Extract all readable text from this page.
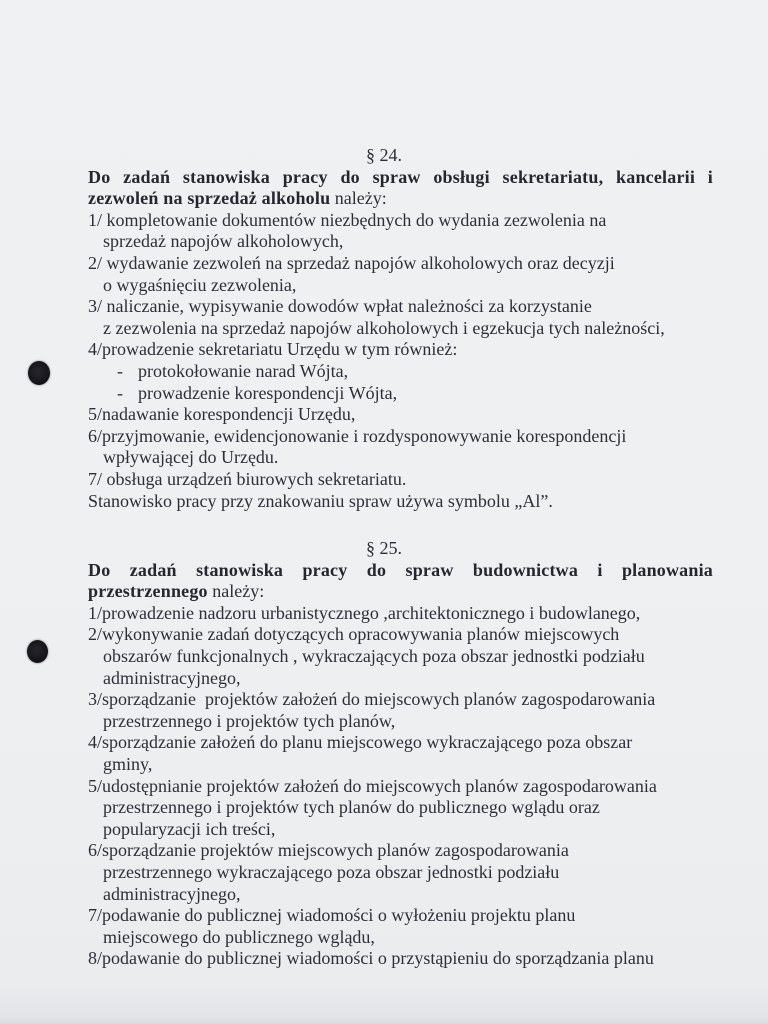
§ 24.
Do zadań stanowiska pracy do spraw obsługi sekretariatu, kancelarii i
zezwoleń na sprzedaż alkoholu należy:
1/ kompletowanie dokumentów niezbędnych do wydania zezwolenia na
sprzedaż napojów alkoholowych,
2/ wydawanie zezwoleń na sprzedaż napojów alkoholowych oraz decyzji
o wygaśnięciu zezwolenia,
3/ naliczanie, wypisywanie dowodów wpłat należności za korzystanie
z zezwolenia na sprzedaż napojów alkoholowych i egzekucja tych należności,
4/prowadzenie sekretariatu Urzędu w tym również:
- protokołowanie narad Wójta,
- prowadzenie korespondencji Wójta,
5/nadawanie korespondencji Urzędu,
6/przyjmowanie, ewidencjonowanie i rozdysponowywanie korespondencji
wpływającej do Urzędu.
7/ obsługa urządzeń biurowych sekretariatu.
Stanowisko pracy przy znakowaniu spraw używa symbolu „Al”.
§ 25.
Do zadań stanowiska pracy do spraw budownictwa i planowania
przestrzennego należy:
1/prowadzenie nadzoru urbanistycznego ,architektonicznego i budowlanego,
2/wykonywanie zadań dotyczących opracowywania planów miejscowych
obszarów funkcjonalnych , wykraczających poza obszar jednostki podziału
administracyjnego,
3/sporządzanie  projektów założeń do miejscowych planów zagospodarowania
przestrzennego i projektów tych planów,
4/sporządzanie założeń do planu miejscowego wykraczającego poza obszar
gminy,
5/udostępnianie projektów założeń do miejscowych planów zagospodarowania
przestrzennego i projektów tych planów do publicznego wglądu oraz
popularyzacji ich treści,
6/sporządzanie projektów miejscowych planów zagospodarowania
przestrzennego wykraczającego poza obszar jednostki podziału
administracyjnego,
7/podawanie do publicznej wiadomości o wyłożeniu projektu planu
miejscowego do publicznego wglądu,
8/podawanie do publicznej wiadomości o przystąpieniu do sporządzania planu
